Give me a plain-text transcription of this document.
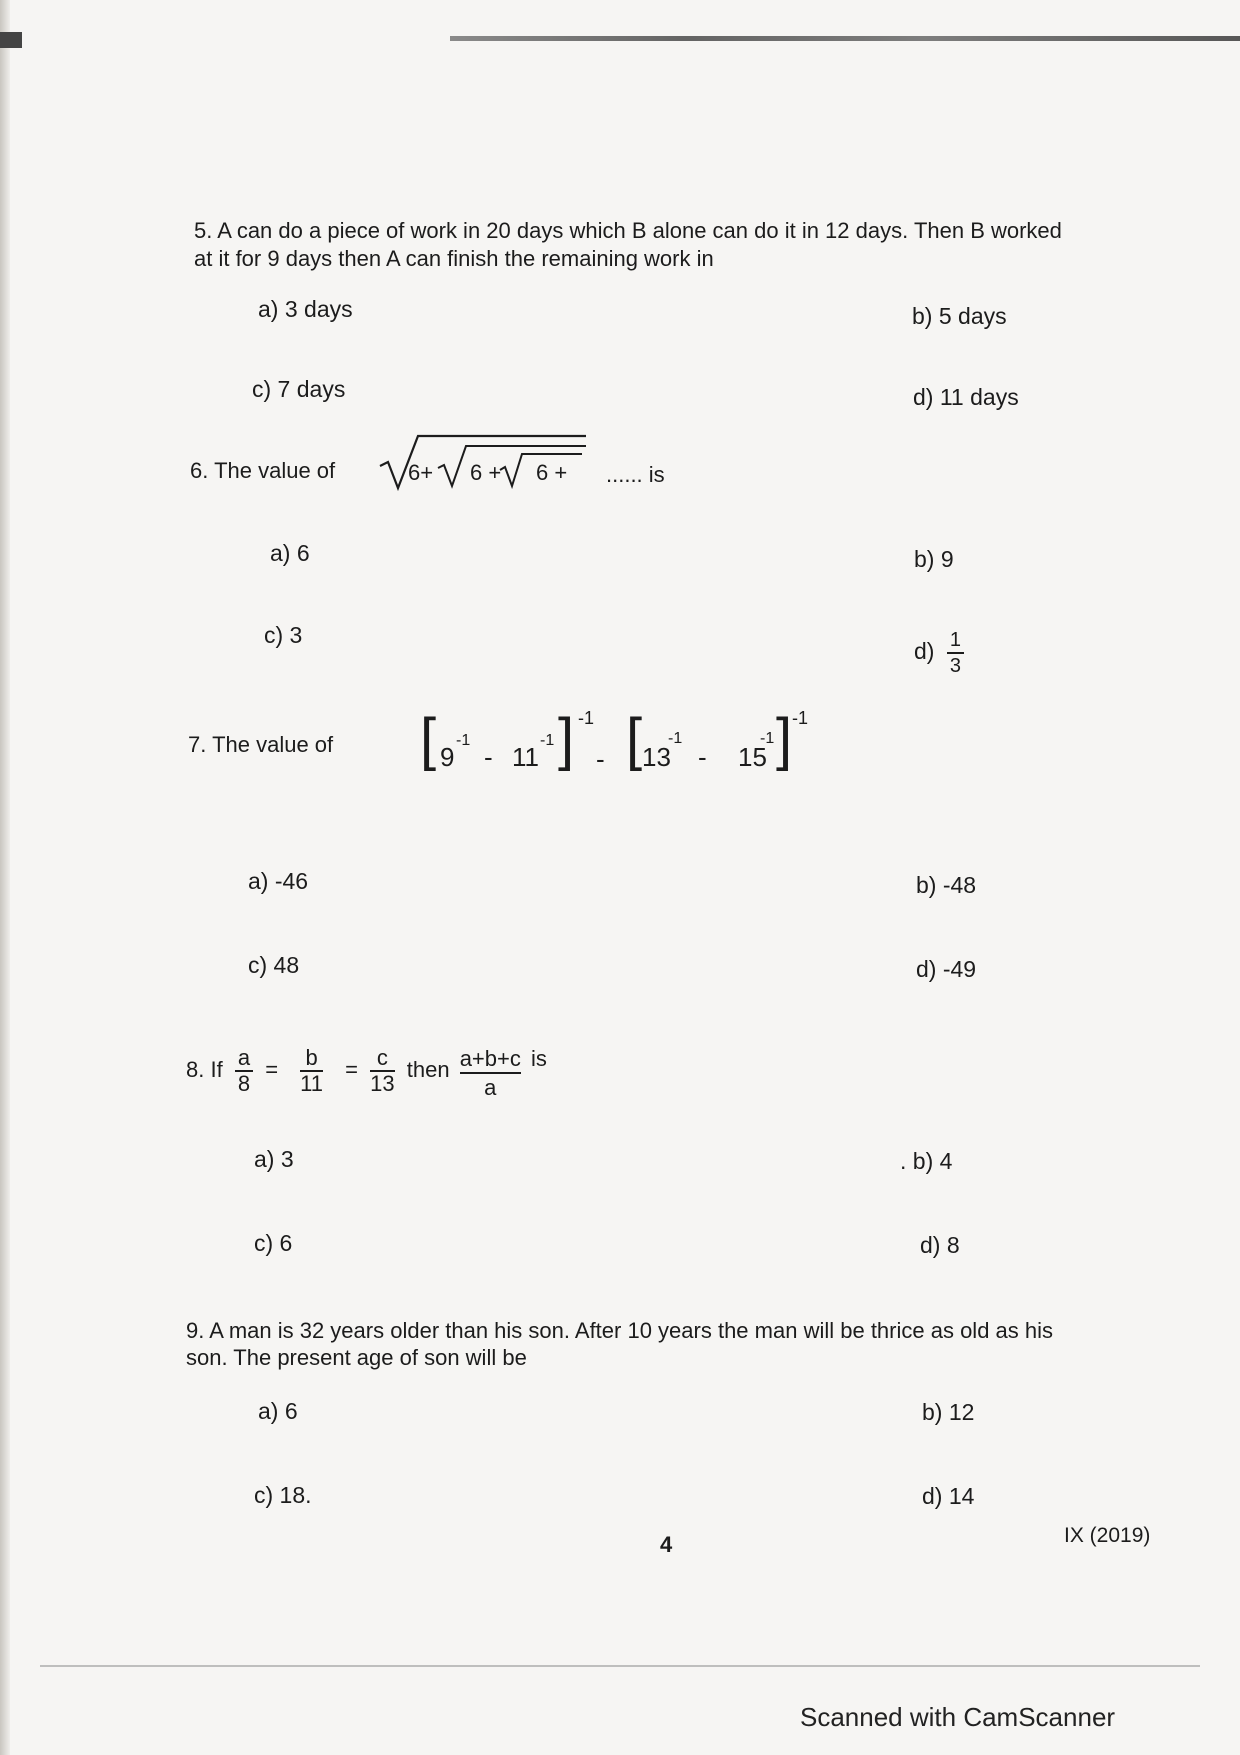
5. A can do a piece of work in 20 days which B alone can do it in 12 days. Then B worked
at it for 9 days then A can finish the remaining work in
a) 3 days	b) 5 days
c) 7 days	d) 11 days
6. The value of	6+ 6 + 6 + ...... is
a) 6	b) 9
c) 3
$d) \frac{1}{3}$
7. The value of [ 9
-1
- 11
-1 ] -1
- [ 13
-1
- 15
-1 ] -1
a) -46	b) -48
c) 48	d) -49
8. If $\frac{a}{8} = \frac{b}{11} = \frac{c}{13}$ then $\frac{a+b+c}{a}$ is
a) 3	. b) 4
c) 6	d) 8
9. A man is 32 years older than his son. After 10 years the man will be thrice as old as his
son. The present age of son will be
a) 6	b) 12
c) 18.	d) 14
4	IX (2019)
Scanned with CamScanner
